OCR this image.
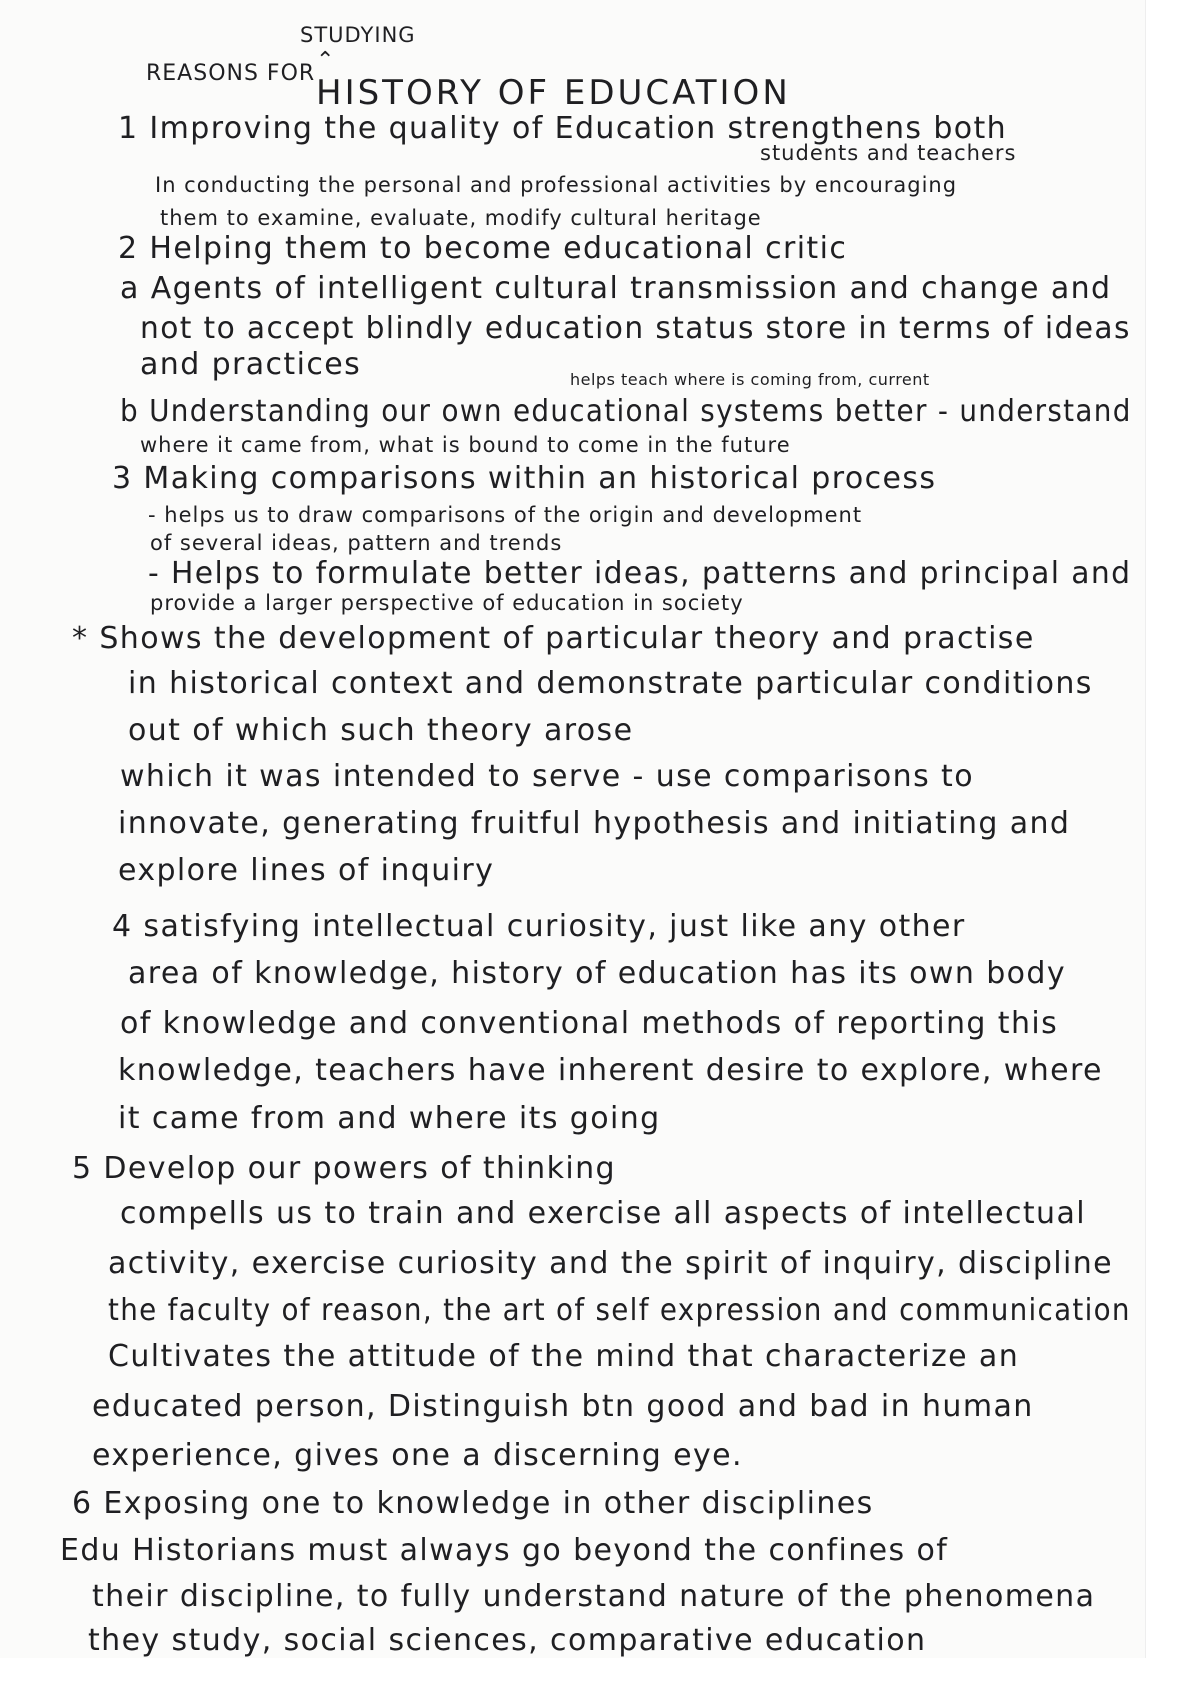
STUDYING
⌃
REASONS FOR HISTORY OF EDUCATION
1 Improving the quality of Education strengthens both
students and teachers
In conducting the personal and professional activities by encouraging
them to examine, evaluate, modify cultural heritage
2 Helping them to become educational critic
a Agents of intelligent cultural transmission and change and
not to accept blindly education status store in terms of ideas
and practices
b Understanding our own educational systems better - understand
helps teach where is coming from, current
where it came from, what is bound to come in the future
3 Making comparisons within an historical process
- helps us to draw comparisons of the origin and development
of several ideas, pattern and trends
- Helps to formulate better ideas, patterns and principal and
provide a larger perspective of education in society
* Shows the development of particular theory and practise
in historical context and demonstrate particular conditions
out of which such theory arose
which it was intended to serve - use comparisons to
innovate, generating fruitful hypothesis and initiating and
explore lines of inquiry
4 satisfying intellectual curiosity, just like any other
area of knowledge, history of education has its own body
of knowledge and conventional methods of reporting this
knowledge, teachers have inherent desire to explore, where
it came from and where its going
5 Develop our powers of thinking
compells us to train and exercise all aspects of intellectual
activity, exercise curiosity and the spirit of inquiry, discipline
the faculty of reason, the art of self expression and communication
Cultivates the attitude of the mind that characterize an
educated person, Distinguish btn good and bad in human
experience, gives one a discerning eye.
6 Exposing one to knowledge in other disciplines
Edu Historians must always go beyond the confines of
their discipline, to fully understand nature of the phenomena
they study, social sciences, comparative education
